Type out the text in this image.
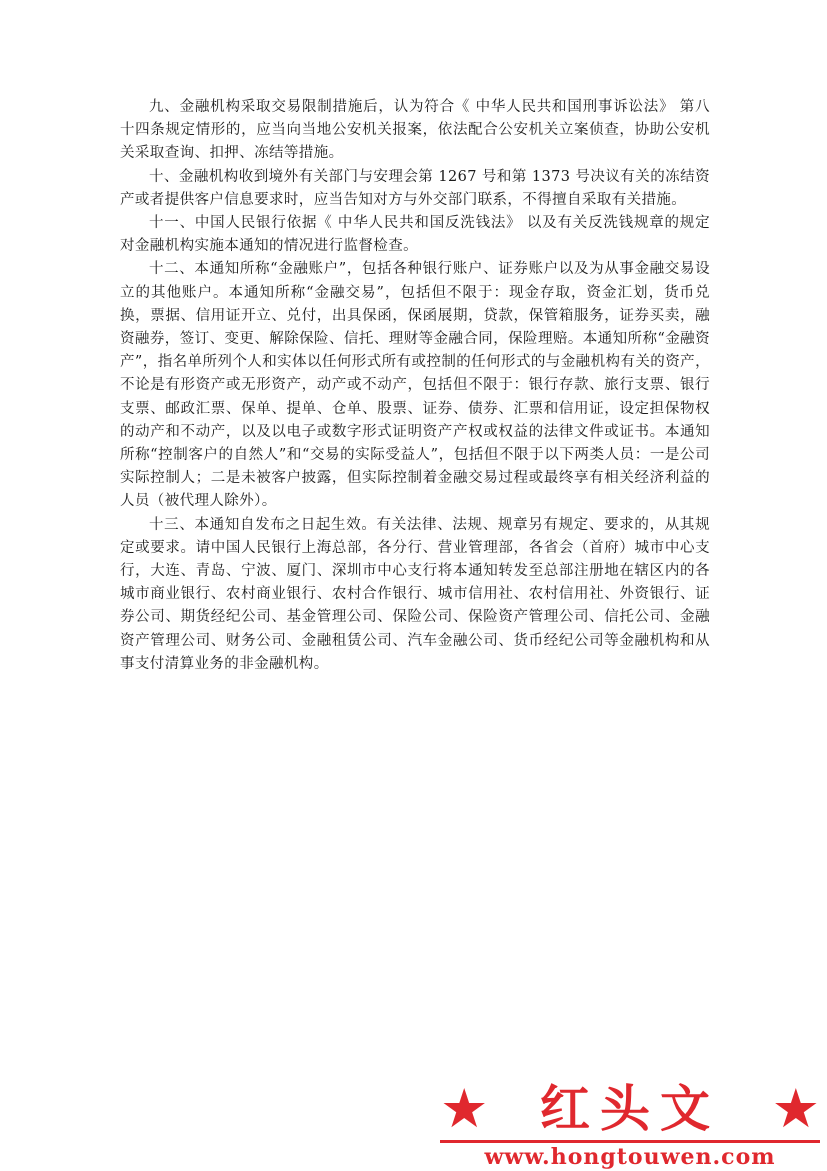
九、金融机构采取交易限制措施后，认为符合《 中华人民共和国刑事诉讼法》 第八十四条规定情形的，应当向当地公安机关报案，依法配合公安机关立案侦查，协助公安机关采取查询、扣押、冻结等措施。

十、金融机构收到境外有关部门与安理会第 1267 号和第 1373 号决议有关的冻结资产或者提供客户信息要求时，应当告知对方与外交部门联系，不得擅自采取有关措施。

十一、中国人民银行依据《 中华人民共和国反洗钱法》 以及有关反洗钱规章的规定对金融机构实施本通知的情况进行监督检查。

十二、本通知所称“金融账户”，包括各种银行账户、证券账户以及为从事金融交易设立的其他账户。本通知所称“金融交易”，包括但不限于：现金存取，资金汇划，货币兑换，票据、信用证开立、兑付，出具保函，保函展期，贷款，保管箱服务，证券买卖，融资融券，签订、变更、解除保险、信托、理财等金融合同，保险理赔。本通知所称“金融资产”，指名单所列个人和实体以任何形式所有或控制的任何形式的与金融机构有关的资产，不论是有形资产或无形资产，动产或不动产，包括但不限于：银行存款、旅行支票、银行支票、邮政汇票、保单、提单、仓单、股票、证券、债券、汇票和信用证，设定担保物权的动产和不动产，以及以电子或数字形式证明资产产权或权益的法律文件或证书。本通知所称“控制客户的自然人”和“交易的实际受益人”，包括但不限于以下两类人员：一是公司实际控制人；二是未被客户披露，但实际控制着金融交易过程或最终享有相关经济利益的人员（被代理人除外）。

十三、本通知自发布之日起生效。有关法律、法规、规章另有规定、要求的，从其规定或要求。请中国人民银行上海总部，各分行、营业管理部，各省会（首府）城市中心支行，大连、青岛、宁波、厦门、深圳市中心支行将本通知转发至总部注册地在辖区内的各城市商业银行、农村商业银行、农村合作银行、城市信用社、农村信用社、外资银行、证券公司、期货经纪公司、基金管理公司、保险公司、保险资产管理公司、信托公司、金融资产管理公司、财务公司、金融租赁公司、汽车金融公司、货币经纪公司等金融机构和从事支付清算业务的非金融机构。

★ 红头文 ★
www.hongtouwen.com
